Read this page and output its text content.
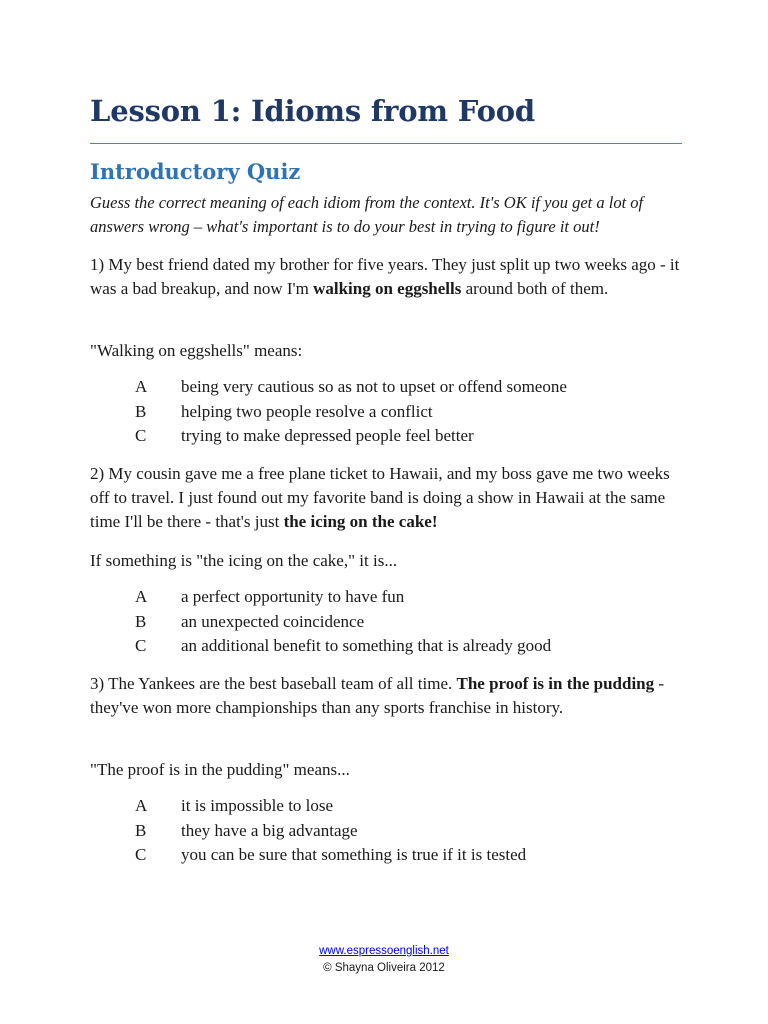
Lesson 1: Idioms from Food
Introductory Quiz
Guess the correct meaning of each idiom from the context. It's OK if you get a lot of answers wrong – what's important is to do your best in trying to figure it out!
1) My best friend dated my brother for five years. They just split up two weeks ago - it was a bad breakup, and now I'm walking on eggshells around both of them.
"Walking on eggshells" means:
A	being very cautious so as not to upset or offend someone
B	helping two people resolve a conflict
C	trying to make depressed people feel better
2) My cousin gave me a free plane ticket to Hawaii, and my boss gave me two weeks off to travel. I just found out my favorite band is doing a show in Hawaii at the same time I'll be there - that's just the icing on the cake!
If something is "the icing on the cake," it is...
A	a perfect opportunity to have fun
B	an unexpected coincidence
C	an additional benefit to something that is already good
3) The Yankees are the best baseball team of all time. The proof is in the pudding - they've won more championships than any sports franchise in history.
"The proof is in the pudding" means...
A	it is impossible to lose
B	they have a big advantage
C	you can be sure that something is true if it is tested
www.espressoenglish.net
© Shayna Oliveira 2012
